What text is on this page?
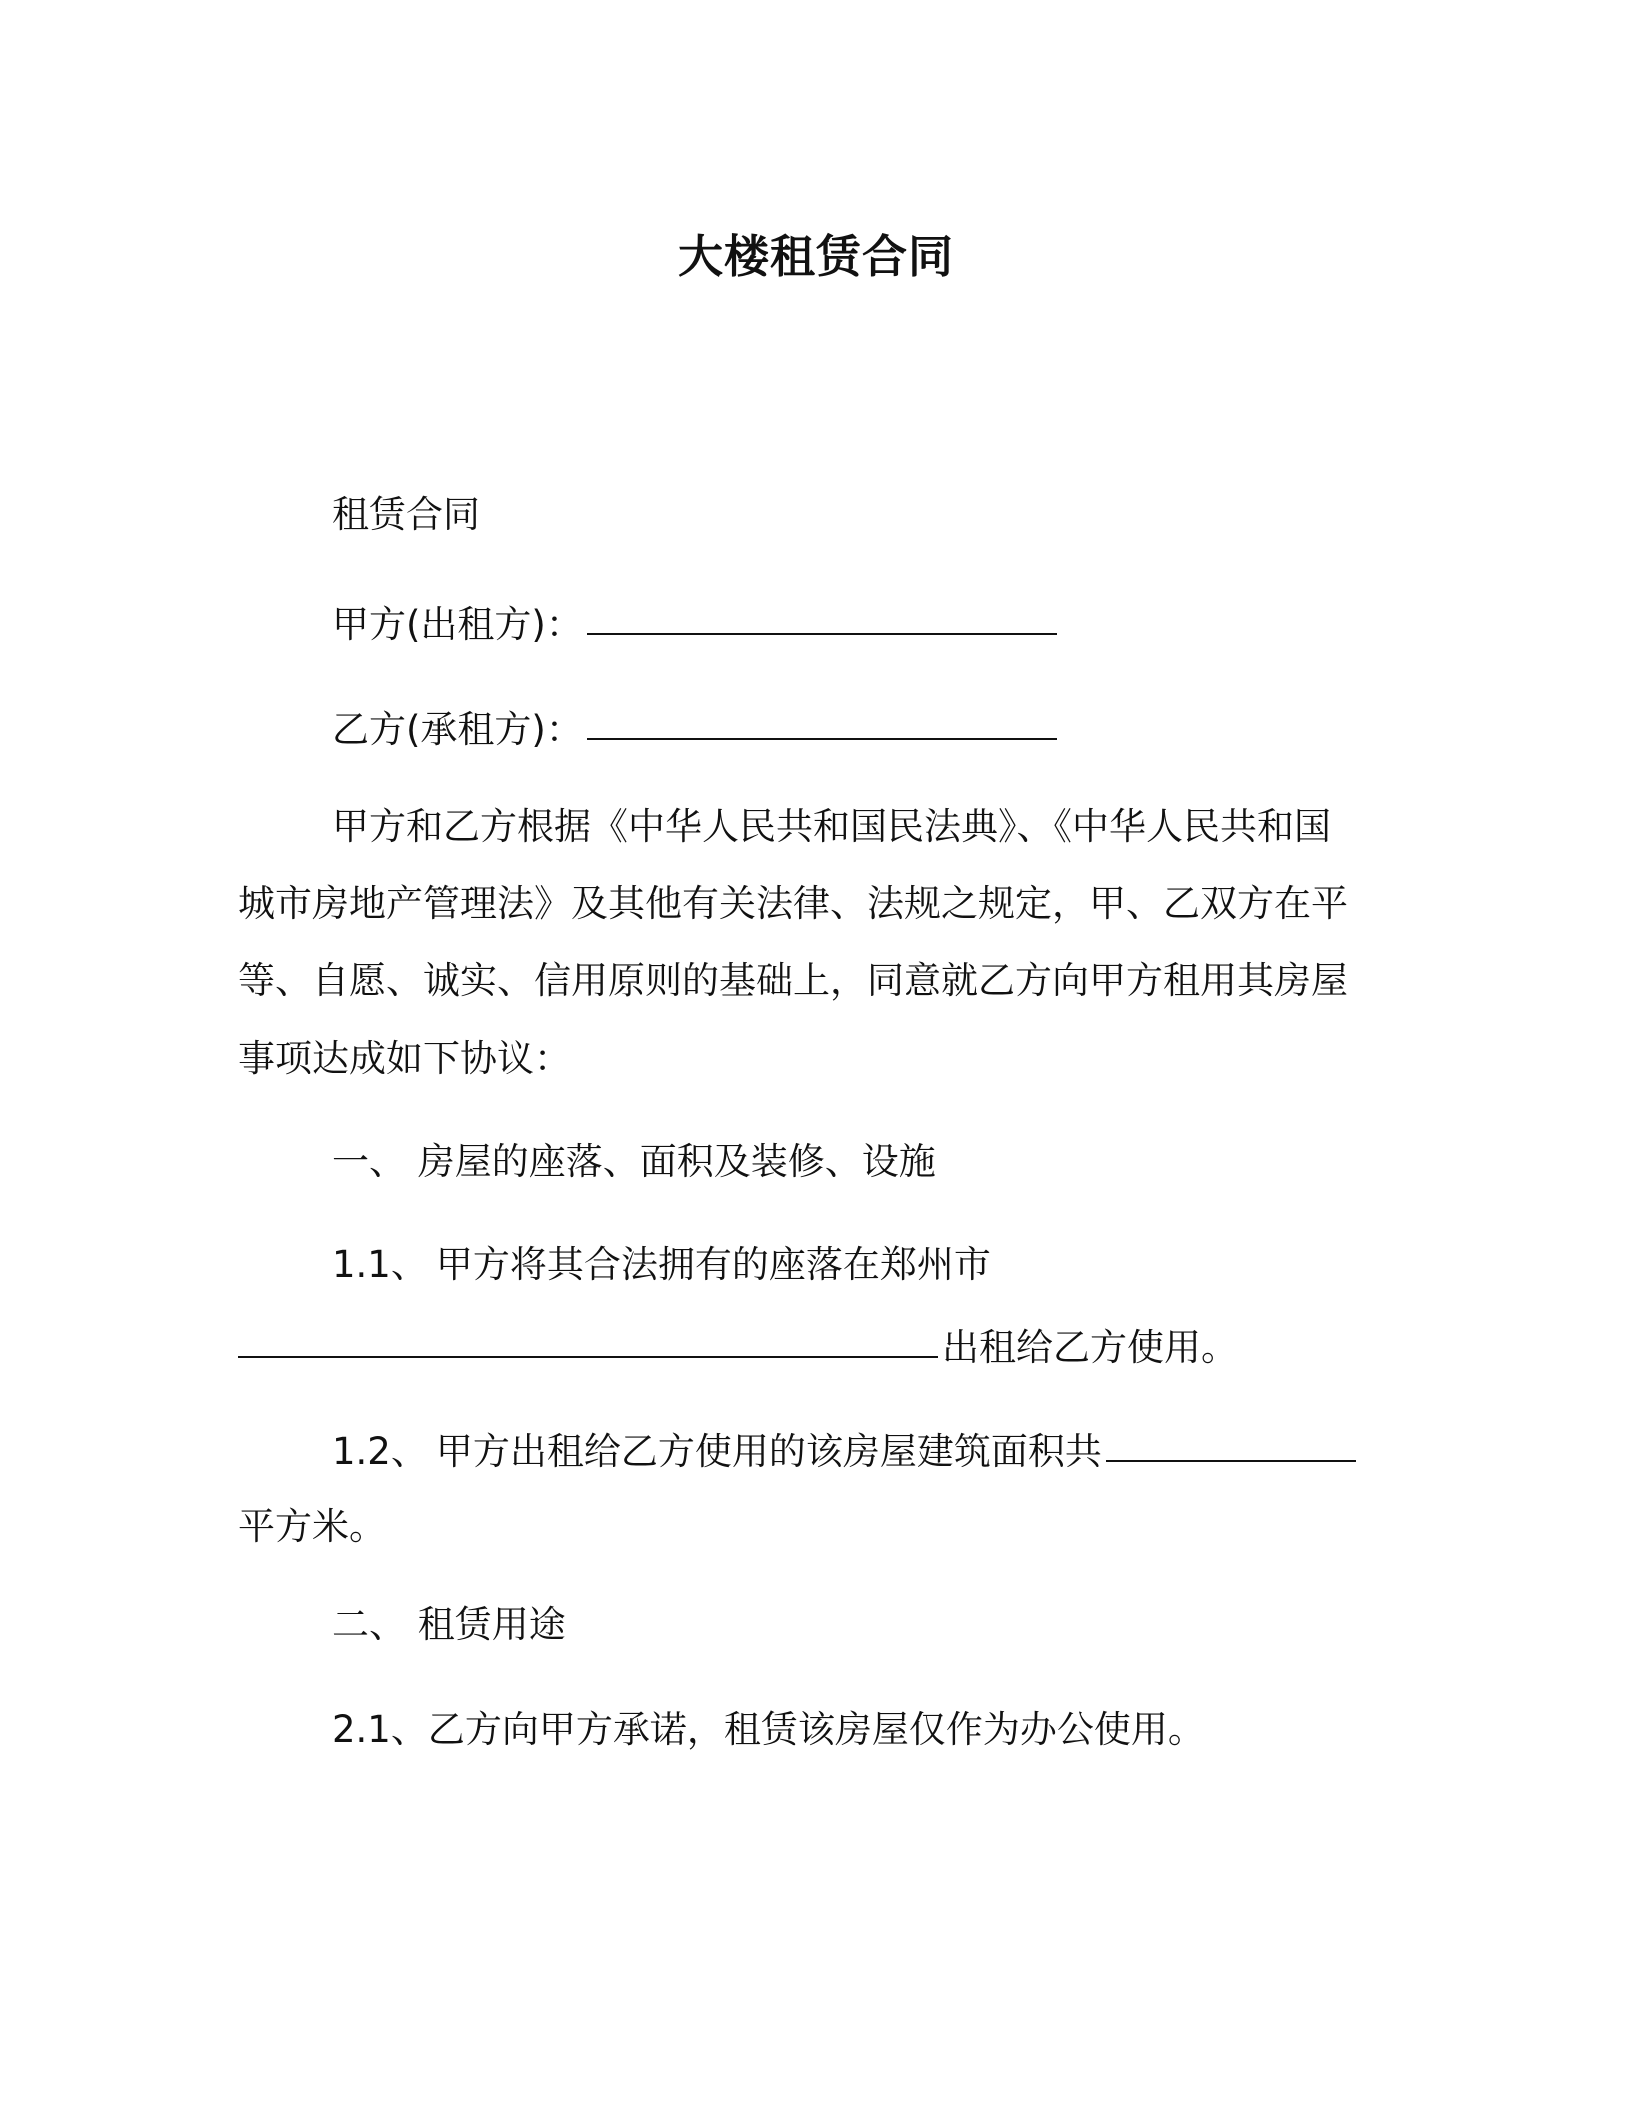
大楼租赁合同
租赁合同
甲方(出租方)：
乙方(承租方)：
甲方和乙方根据《中华人民共和国民法典》、《中华人民共和国
城市房地产管理法》及其他有关法律、法规之规定，甲、乙双方在平
等、自愿、诚实、信用原则的基础上，同意就乙方向甲方租用其房屋
事项达成如下协议：
一、 房屋的座落、面积及装修、设施
1.1、 甲方将其合法拥有的座落在郑州市
出租给乙方使用。
1.2、 甲方出租给乙方使用的该房屋建筑面积共
平方米。
二、 租赁用途
2.1、乙方向甲方承诺，租赁该房屋仅作为办公使用。
